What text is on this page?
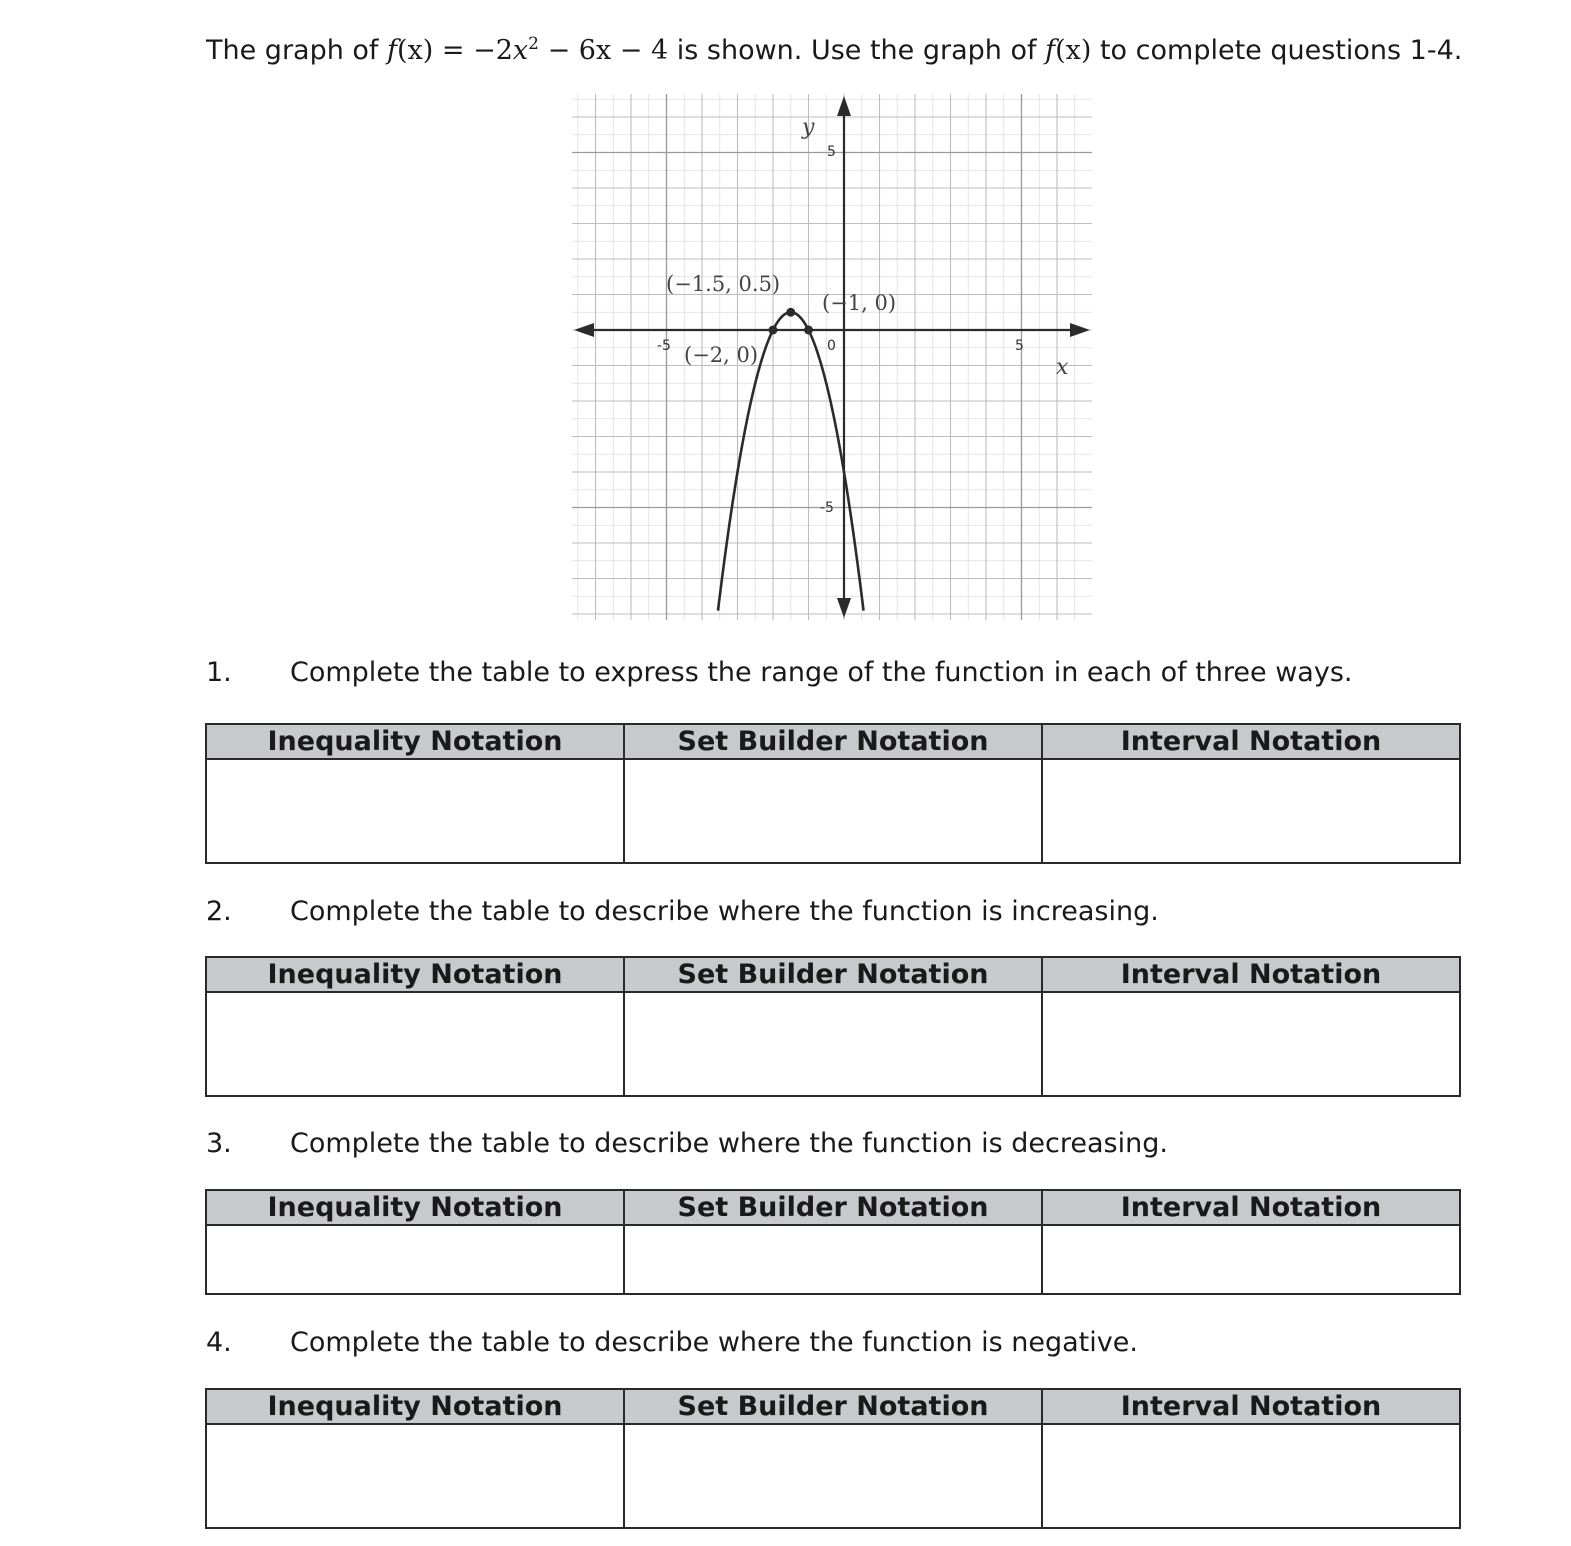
The graph of $f(x) = -2x^2 - 6x - 4$ is shown. Use the graph of f(x) to complete questions 1-4.
-5	5
0
5
-5
y
x
(−1.5, 0.5)
(−1, 0)
(−2, 0)
1. Complete the table to express the range of the function in each of three ways.
Inequality Notation	Set Builder Notation	Interval Notation

2. Complete the table to describe where the function is increasing.
Inequality Notation	Set Builder Notation	Interval Notation

3. Complete the table to describe where the function is decreasing.
Inequality Notation	Set Builder Notation	Interval Notation

4. Complete the table to describe where the function is negative.
Inequality Notation	Set Builder Notation	Interval Notation
